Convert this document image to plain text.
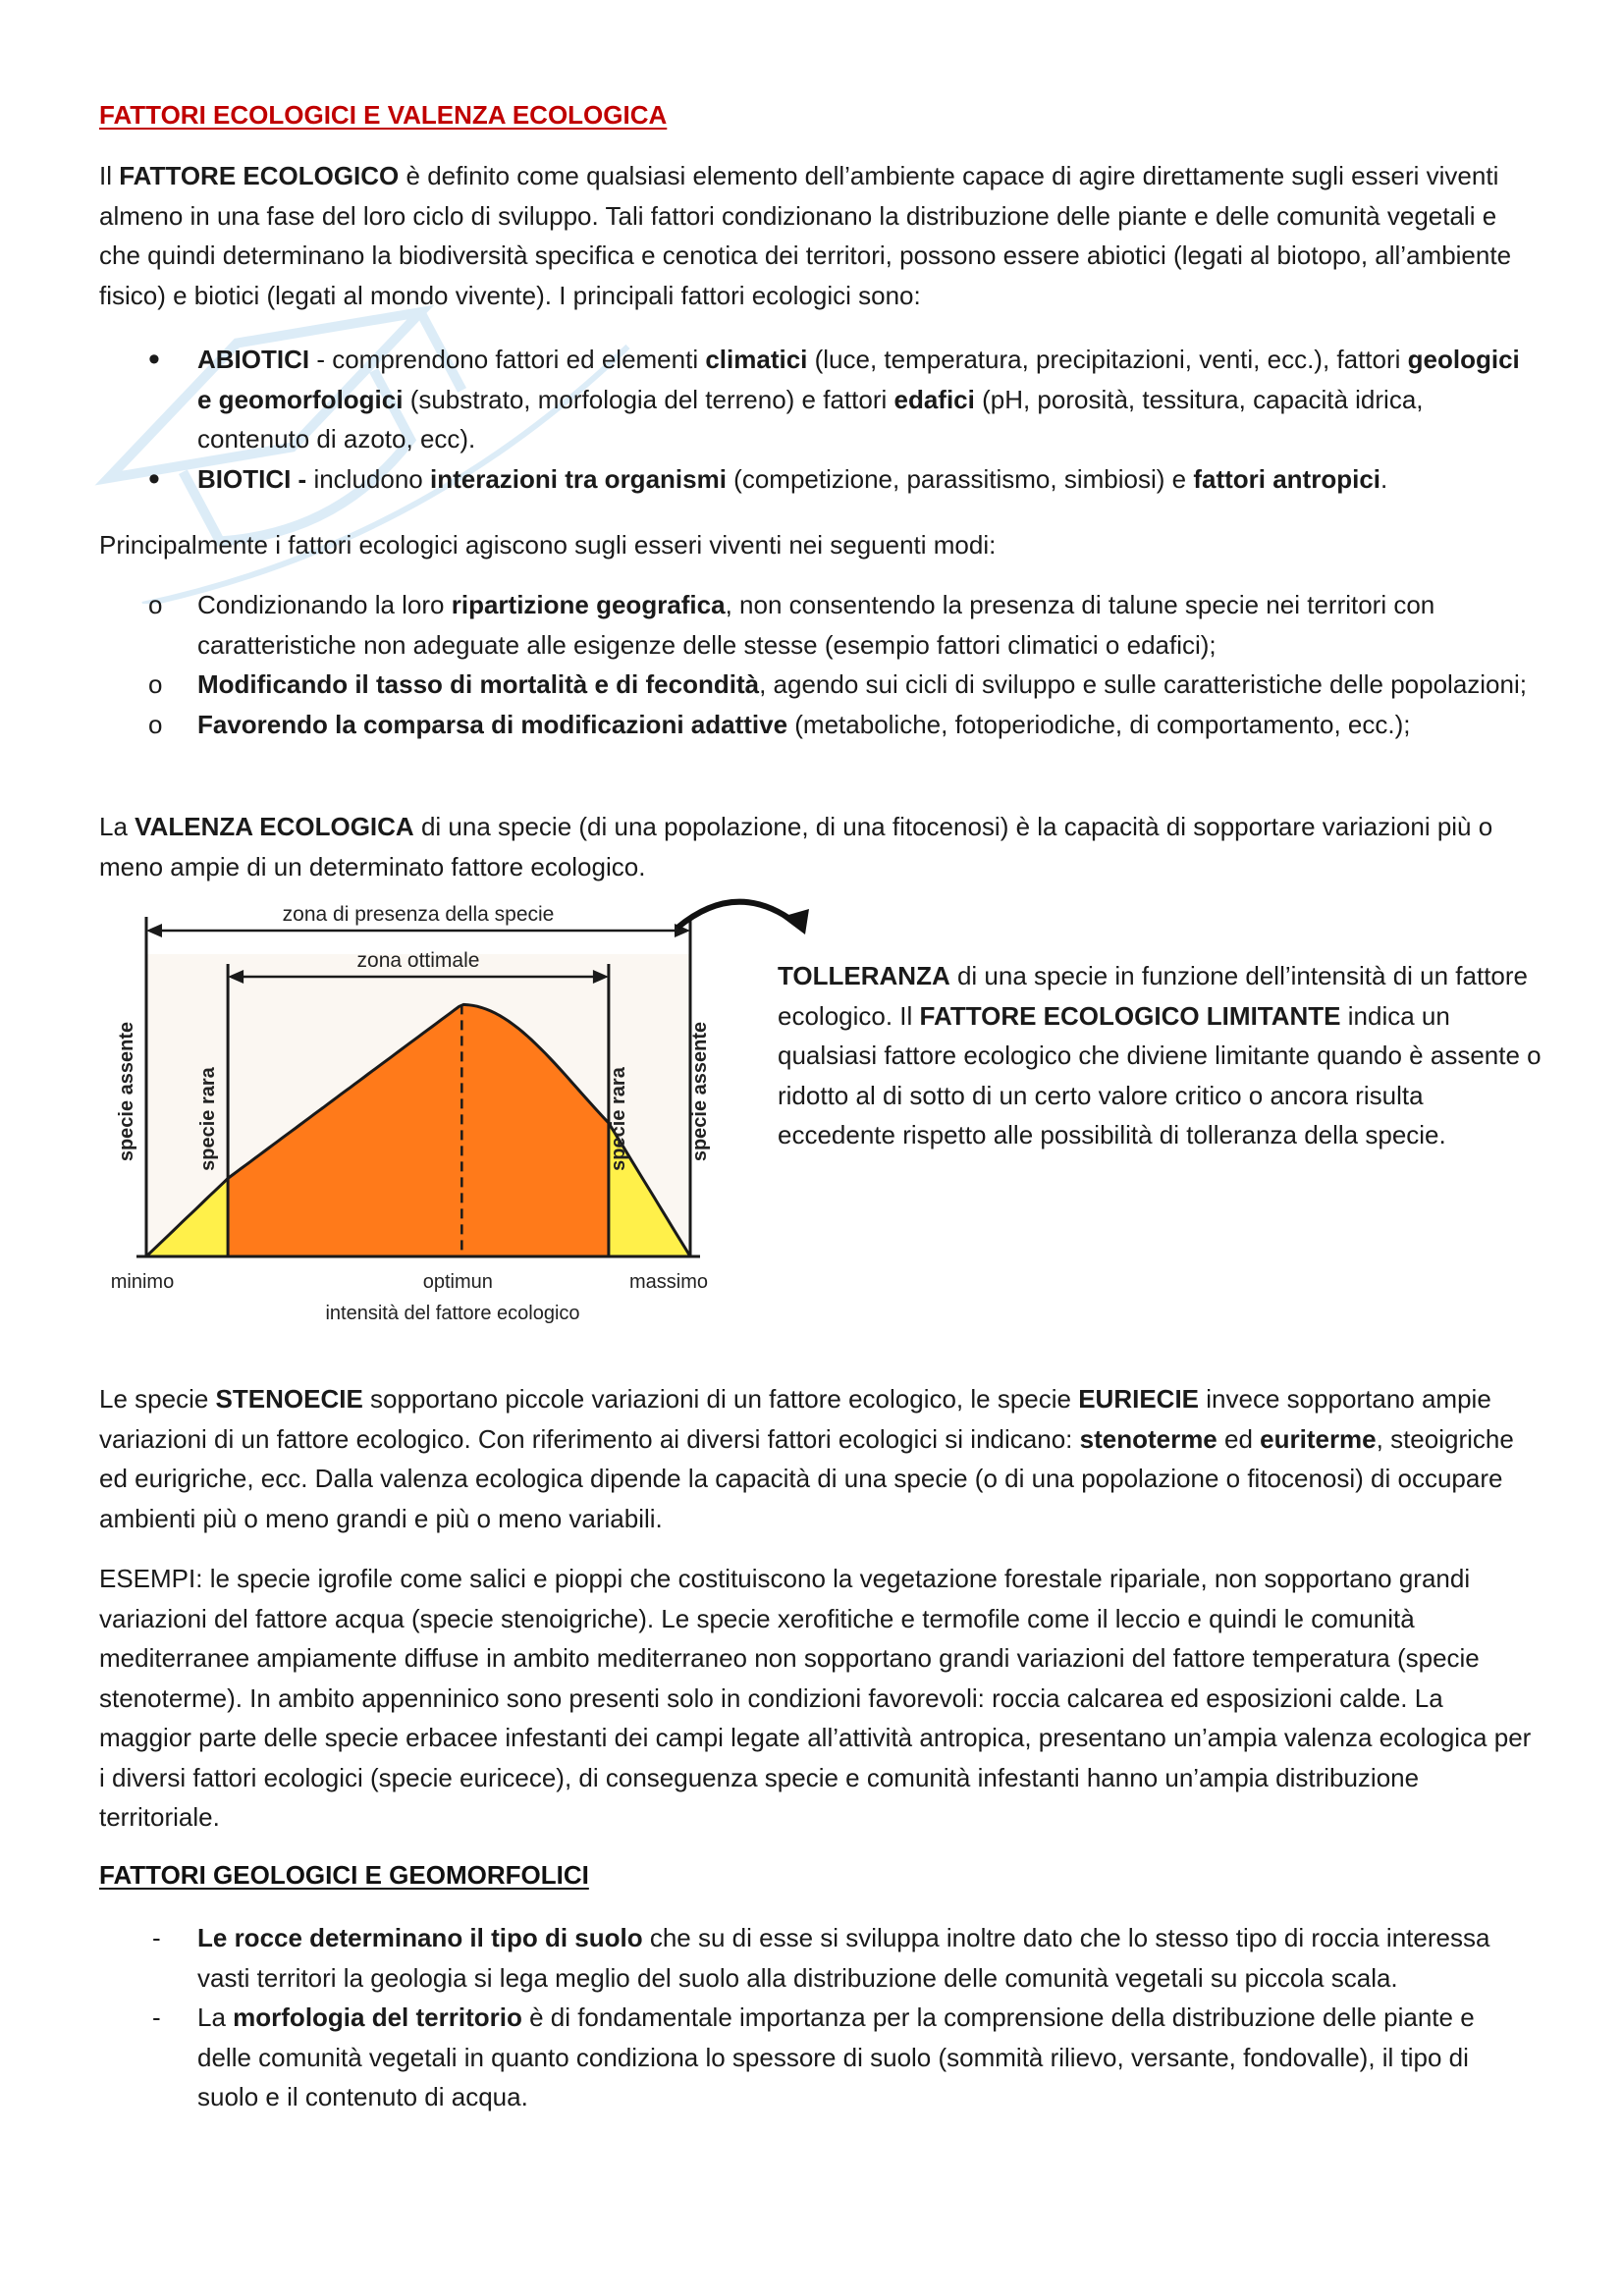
FATTORI ECOLOGICI E VALENZA ECOLOGICA

Il FATTORE ECOLOGICO è definito come qualsiasi elemento dell’ambiente capace di agire direttamente sugli esseri viventi almeno in una fase del loro ciclo di sviluppo. Tali fattori condizionano la distribuzione delle piante e delle comunità vegetali e che quindi determinano la biodiversità specifica e cenotica dei territori, possono essere abiotici (legati al biotopo, all’ambiente fisico) e biotici (legati al mondo vivente). I principali fattori ecologici sono:

• ABIOTICI - comprendono fattori ed elementi climatici (luce, temperatura, precipitazioni, venti, ecc.), fattori geologici e geomorfologici (substrato, morfologia del terreno) e fattori edafici (pH, porosità, tessitura, capacità idrica, contenuto di azoto, ecc).
• BIOTICI - includono interazioni tra organismi (competizione, parassitismo, simbiosi) e fattori antropici.

Principalmente i fattori ecologici agiscono sugli esseri viventi nei seguenti modi:

o Condizionando la loro ripartizione geografica, non consentendo la presenza di talune specie nei territori con caratteristiche non adeguate alle esigenze delle stesse (esempio fattori climatici o edafici);
o Modificando il tasso di mortalità e di fecondità, agendo sui cicli di sviluppo e sulle caratteristiche delle popolazioni;
o Favorendo la comparsa di modificazioni adattive (metaboliche, fotoperiodiche, di comportamento, ecc.);

La VALENZA ECOLOGICA di una specie (di una popolazione, di una fitocenosi) è la capacità di sopportare variazioni più o meno ampie di un determinato fattore ecologico.

zona di presenza della specie
zona ottimale
specie assente	specie rara	specie rara	specie assente
minimo	optimun	massimo
intensità del fattore ecologico

TOLLERANZA di una specie in funzione dell’intensità di un fattore ecologico. Il FATTORE ECOLOGICO LIMITANTE indica un qualsiasi fattore ecologico che diviene limitante quando è assente o ridotto al di sotto di un certo valore critico o ancora risulta eccedente rispetto alle possibilità di tolleranza della specie.

Le specie STENOECIE sopportano piccole variazioni di un fattore ecologico, le specie EURIECIE invece sopportano ampie variazioni di un fattore ecologico. Con riferimento ai diversi fattori ecologici si indicano: stenoterme ed euriterme, steoigriche ed eurigriche, ecc. Dalla valenza ecologica dipende la capacità di una specie (o di una popolazione o fitocenosi) di occupare ambienti più o meno grandi e più o meno variabili.

ESEMPI: le specie igrofile come salici e pioppi che costituiscono la vegetazione forestale ripariale, non sopportano grandi variazioni del fattore acqua (specie stenoigriche). Le specie xerofitiche e termofile come il leccio e quindi le comunità mediterranee ampiamente diffuse in ambito mediterraneo non sopportano grandi variazioni del fattore temperatura (specie stenoterme). In ambito appenninico sono presenti solo in condizioni favorevoli: roccia calcarea ed esposizioni calde. La maggior parte delle specie erbacee infestanti dei campi legate all’attività antropica, presentano un’ampia valenza ecologica per i diversi fattori ecologici (specie euricece), di conseguenza specie e comunità infestanti hanno un’ampia distribuzione territoriale.

FATTORI GEOLOGICI E GEOMORFOLICI
- Le rocce determinano il tipo di suolo che su di esse si sviluppa inoltre dato che lo stesso tipo di roccia interessa vasti territori la geologia si lega meglio del suolo alla distribuzione delle comunità vegetali su piccola scala.
- La morfologia del territorio è di fondamentale importanza per la comprensione della distribuzione delle piante e delle comunità vegetali in quanto condiziona lo spessore di suolo (sommità rilievo, versante, fondovalle), il tipo di suolo e il contenuto di acqua.
